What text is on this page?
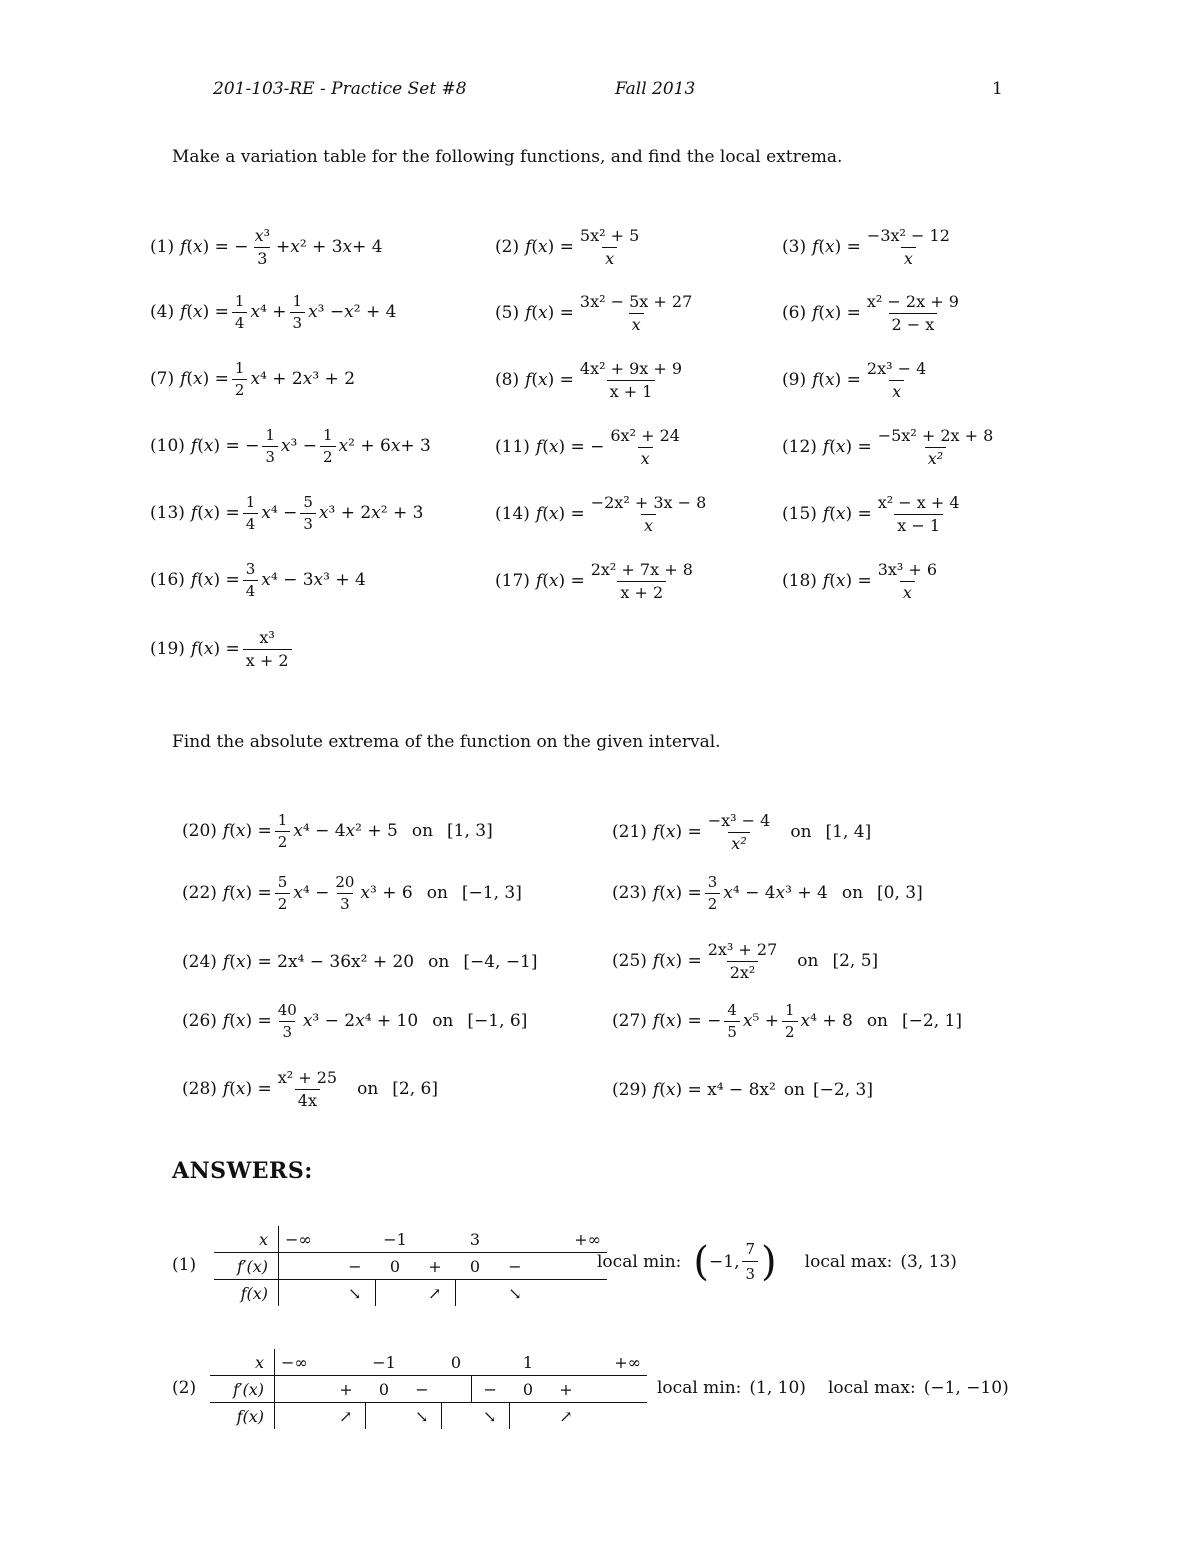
201-103-RE - Practice Set #8	Fall 2013	1
Make a variation table for the following functions, and find the local extrema.
(1) f ( x ) = − $\frac{\text{x³}}{3} + x$ ² + 3 x + 4	(2) f ( x ) = $\frac{\text{5x² + 5}}{x}$	(3) f ( x ) = $\frac{\text{−3x² − 12}}{x}$
(4) f ( x ) = $\frac{1}{4}$ x $^4 + \frac{1}{3}$ x ³ − x ² + 4	(5) f ( x ) = $\frac{\text{3x² − 5x + 27}}{x}$	(6) f ( x ) = $\frac{\text{x² − 2x + 9}}{2 - x}$
(7) f ( x ) = $\frac{1}{2}$ x ⁴ + 2 x ³ + 2	(8) f ( x ) = $\frac{\text{4x² + 9x + 9}}{x + 1}$	(9) f ( x ) = $\frac{\text{2x³ − 4}}{x}$
(10) f ( x ) = − $\frac{1}{3}$ x $^3 - \frac{1}{2}$ x ² + 6 x + 3	(11) f ( x ) = − $\frac{\text{6x² + 24}}{x}$	(12) f ( x ) = $\frac{\text{−5x² + 2x + 8}}{\text{x²}}$
(13) f ( x ) = $\frac{1}{4}$ x $^4 - \frac{5}{3}$ x ³ + 2 x ² + 3	(14) f ( x ) = $\frac{\text{−2x² + 3x − 8}}{x}$	(15) f ( x ) = $\frac{\text{x² − x + 4}}{x - 1}$
(16) f ( x ) = $\frac{3}{4}$ x ⁴ − 3 x ³ + 4	(17) f ( x ) = $\frac{\text{2x² + 7x + 8}}{x + 2}$	(18) f ( x ) = $\frac{\text{3x³ + 6}}{x}$
(19) f ( x ) = $\frac{\text{x³}}{x + 2}$
Find the absolute extrema of the function on the given interval.
(20) f ( x ) = $\frac{1}{2}$ x ⁴ − 4 x ² + 5 on [1, 3]	(21) f ( x ) = $\frac{\text{−x³ − 4}}{\text{x²}}$ on [1, 4]
(22) f ( x ) = $\frac{5}{2}$ x $^4 - \frac{20}{3}$ x ³ + 6 on [−1, 3]	(23) f ( x ) = $\frac{3}{2}$ x ⁴ − 4 x ³ + 4 on [0, 3]
(24) f ( x ) = 2x⁴ − 36x² + 20 on [−4, −1]	(25) f ( x ) = $\frac{\text{2x³ + 27}}{\text{2x²}}$ on [2, 5]
(26) f ( x ) = $\frac{40}{3}$ x ³ − 2 x ⁴ + 10 on [−1, 6]	(27) f ( x ) = − $\frac{4}{5}$ x $^5 + \frac{1}{2}$ x ⁴ + 8 on [−2, 1]
(28) f ( x ) = $\frac{\text{x² + 25}}{4x}$ on [2, 6]	(29) f ( x ) = x⁴ − 8x² on [−2, 3]
ANSWERS:
(1)
x	−∞		−1		3		+∞
f′(x)		−	0	+	0	−	
f(x)		↘		↗		↘	
local min: ( −1, $\frac{7}{3}$ ) local max: (3, 13)
(2)
x	−∞		−1		0		1		+∞
f′(x)		+	0	−		−	0	+	
f(x)		↗		↘		↘		↗	
local min: (1, 10) local max: (−1, −10)
